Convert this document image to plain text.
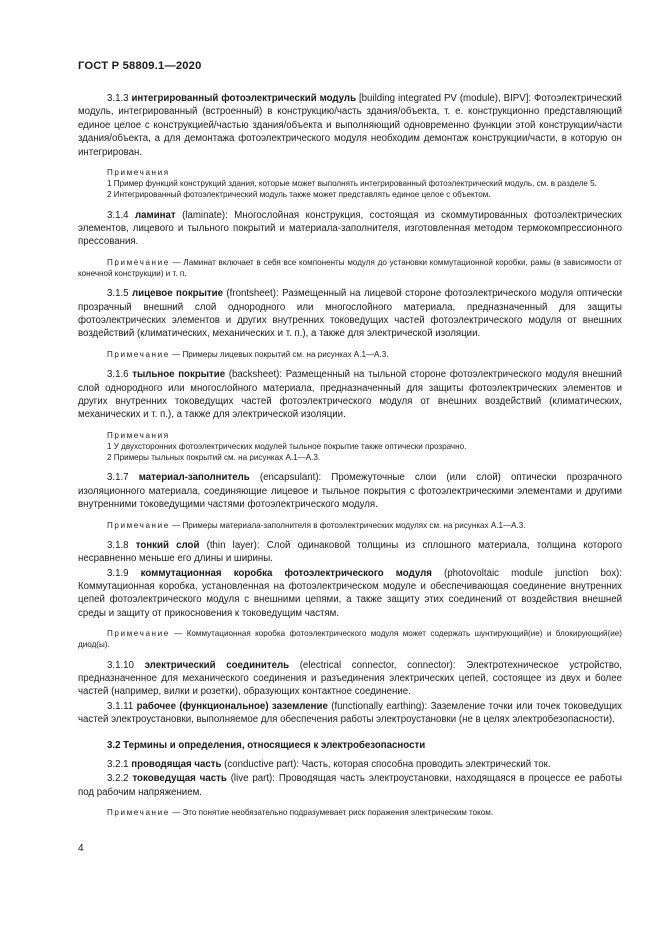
ГОСТ Р 58809.1—2020

3.1.3 интегрированный фотоэлектрический модуль [building integrated PV (module), BIPV]: Фотоэлектрический модуль, интегрированный (встроенный) в конструкцию/часть здания/объекта, т. е. конструкционно представляющий единое целое с конструкцией/частью здания/объекта и выполняющий одновременно функции этой конструкции/части здания/объекта, а для демонтажа фотоэлектрического модуля необходим демонтаж конструкции/части, в которую он интегрирован.

Примечания
1 Пример функций конструкций здания, которые может выполнять интегрированный фотоэлектрический модуль, см. в разделе 5.
2 Интегрированный фотоэлектрический модуль также может представлять единое целое с объектом.

3.1.4 ламинат (laminate): Многослойная конструкция, состоящая из скоммутированных фотоэлектрических элементов, лицевого и тыльного покрытий и материала-заполнителя, изготовленная методом термокомпрессионного прессования.

Примечание — Ламинат включает в себя все компоненты модуля до установки коммутационной коробки, рамы (в зависимости от конечной конструкции) и т. п.

3.1.5 лицевое покрытие (frontsheet): Размещенный на лицевой стороне фотоэлектрического модуля оптически прозрачный внешний слой однородного или многослойного материала, предназначенный для защиты фотоэлектрических элементов и других внутренних токоведущих частей фотоэлектрического модуля от внешних воздействий (климатических, механических и т. п.), а также для электрической изоляции.

Примечание — Примеры лицевых покрытий см. на рисунках А.1—А.3.

3.1.6 тыльное покрытие (backsheet): Размещенный на тыльной стороне фотоэлектрического модуля внешний слой однородного или многослойного материала, предназначенный для защиты фотоэлектрических элементов и других внутренних токоведущих частей фотоэлектрического модуля от внешних воздействий (климатических, механических и т. п.), а также для электрической изоляции.

Примечания
1 У двухсторонних фотоэлектрических модулей тыльное покрытие также оптически прозрачно.
2 Примеры тыльных покрытий см. на рисунках А.1—А.3.

3.1.7 материал-заполнитель (encapsulant): Промежуточные слои (или слой) оптически прозрачного изоляционного материала, соединяющие лицевое и тыльное покрытия с фотоэлектрическими элементами и другими внутренними токоведущими частями фотоэлектрического модуля.

Примечание — Примеры материала-заполнителя в фотоэлектрических модулях см. на рисунках А.1—А.3.

3.1.8 тонкий слой (thin layer): Слой одинаковой толщины из сплошного материала, толщина которого несравненно меньше его длины и ширины.

3.1.9 коммутационная коробка фотоэлектрического модуля (photovoltaic module junction box): Коммутационная коробка, установленная на фотоэлектрическом модуле и обеспечивающая соединение внутренних цепей фотоэлектрического модуля с внешними цепями, а также защиту этих соединений от воздействия внешней среды и защиту от прикосновения к токоведущим частям.

Примечание — Коммутационная коробка фотоэлектрического модуля может содержать шунтирующий(ие) и блокирующий(ие) диод(ы).

3.1.10 электрический соединитель (electrical connector, connector): Электротехническое устройство, предназначенное для механического соединения и разъединения электрических цепей, состоящее из двух и более частей (например, вилки и розетки), образующих контактное соединение.

3.1.11 рабочее (функциональное) заземление (functionally earthing): Заземление точки или точек токоведущих частей электроустановки, выполняемое для обеспечения работы электроустановки (не в целях электробезопасности).

3.2 Термины и определения, относящиеся к электробезопасности

3.2.1 проводящая часть (conductive part): Часть, которая способна проводить электрический ток.

3.2.2 токоведущая часть (live part): Проводящая часть электроустановки, находящаяся в процессе ее работы под рабочим напряжением.

Примечание — Это понятие необязательно подразумевает риск поражения электрическим током.
4
